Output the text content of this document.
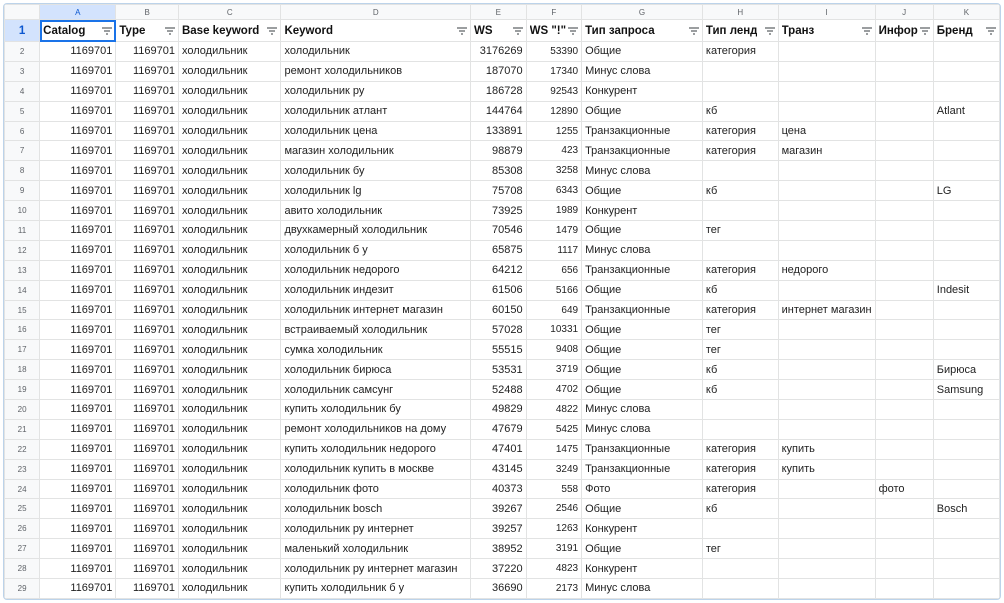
	A	B	C	D	E	F	G	H	I	J	K
1	Catalog	Type	Base keyword	Keyword	WS	WS "!"	Тип запроса	Тип ленд	Транз	Инфор	Бренд

2	1169701	1169701	холодильник	холодильник	3176269	53390	Общие	категория			
3	1169701	1169701	холодильник	ремонт холодильников	187070	17340	Минус слова				
4	1169701	1169701	холодильник	холодильник ру	186728	92543	Конкурент				
5	1169701	1169701	холодильник	холодильник атлант	144764	12890	Общие	кб			Atlant
6	1169701	1169701	холодильник	холодильник цена	133891	1255	Транзакционные	категория	цена		
7	1169701	1169701	холодильник	магазин холодильник	98879	423	Транзакционные	категория	магазин		
8	1169701	1169701	холодильник	холодильник бу	85308	3258	Минус слова				
9	1169701	1169701	холодильник	холодильник lg	75708	6343	Общие	кб			LG
10	1169701	1169701	холодильник	авито холодильник	73925	1989	Конкурент				
11	1169701	1169701	холодильник	двухкамерный холодильник	70546	1479	Общие	тег			
12	1169701	1169701	холодильник	холодильник б у	65875	1117	Минус слова				
13	1169701	1169701	холодильник	холодильник недорого	64212	656	Транзакционные	категория	недорого		
14	1169701	1169701	холодильник	холодильник индезит	61506	5166	Общие	кб			Indesit
15	1169701	1169701	холодильник	холодильник интернет магазин	60150	649	Транзакционные	категория	интернет магазин		
16	1169701	1169701	холодильник	встраиваемый холодильник	57028	10331	Общие	тег			
17	1169701	1169701	холодильник	сумка холодильник	55515	9408	Общие	тег			
18	1169701	1169701	холодильник	холодильник бирюса	53531	3719	Общие	кб			Бирюса
19	1169701	1169701	холодильник	холодильник самсунг	52488	4702	Общие	кб			Samsung
20	1169701	1169701	холодильник	купить холодильник бу	49829	4822	Минус слова				
21	1169701	1169701	холодильник	ремонт холодильников на дому	47679	5425	Минус слова				
22	1169701	1169701	холодильник	купить холодильник недорого	47401	1475	Транзакционные	категория	купить		
23	1169701	1169701	холодильник	холодильник купить в москве	43145	3249	Транзакционные	категория	купить		
24	1169701	1169701	холодильник	холодильник фото	40373	558	Фото	категория		фото	
25	1169701	1169701	холодильник	холодильник bosch	39267	2546	Общие	кб			Bosch
26	1169701	1169701	холодильник	холодильник ру интернет	39257	1263	Конкурент				
27	1169701	1169701	холодильник	маленький холодильник	38952	3191	Общие	тег			
28	1169701	1169701	холодильник	холодильник ру интернет магазин	37220	4823	Конкурент				
29	1169701	1169701	холодильник	купить холодильник б у	36690	2173	Минус слова				
